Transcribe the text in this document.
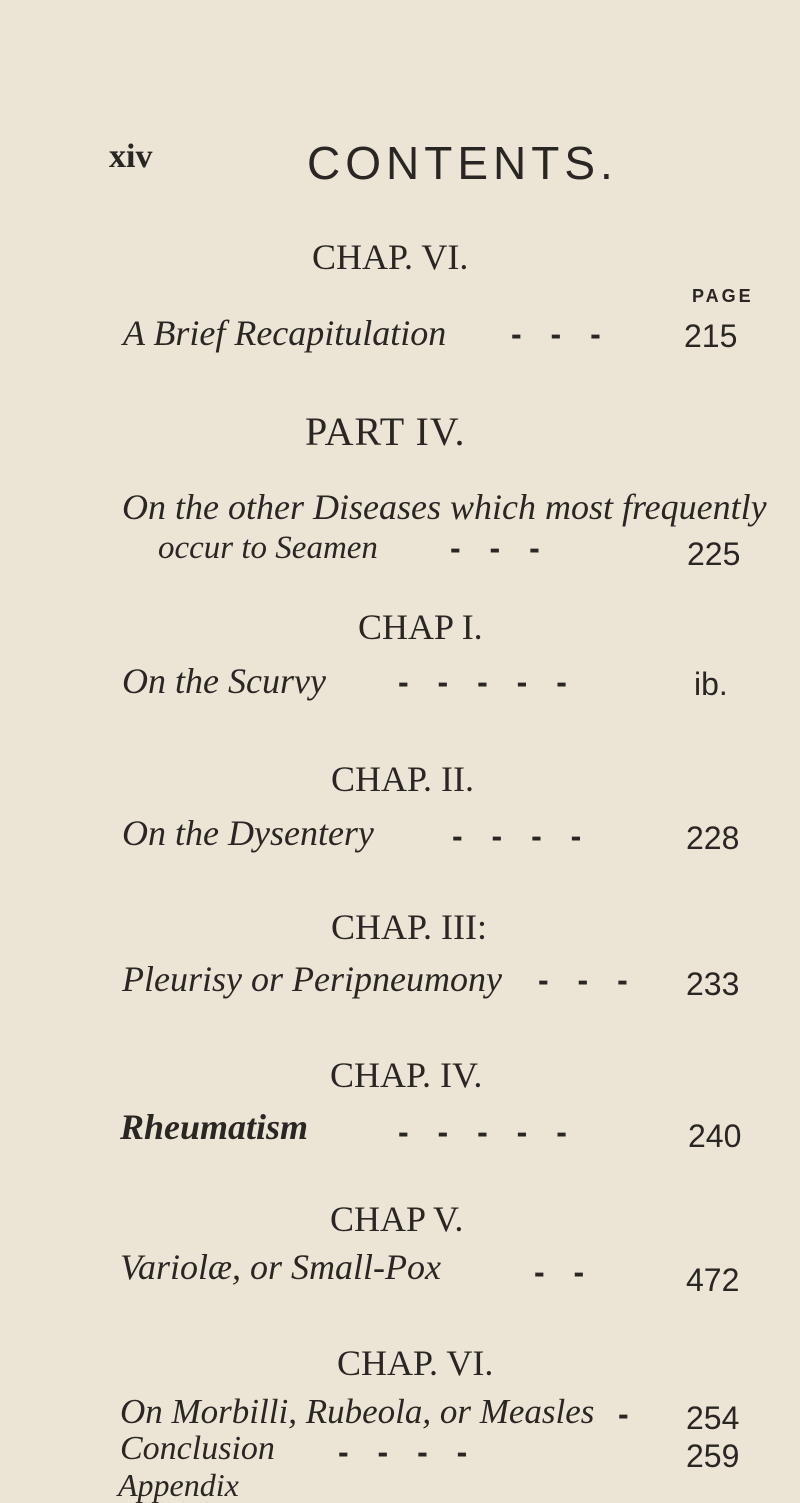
xiv	CONTENTS.
CHAP. VI.
PAGE
A Brief Recapitulation - - - 215
PART IV.
On the other Diseases which most frequently
occur to Seamen - - -	225
CHAP I.
On the Scurvy - - - - -	ib.
CHAP. II.
On the Dysentery - - - -	228
CHAP. III:
Pleurisy or Peripneumony - - - 233
CHAP. IV.
Rheumatism	- - - - -	240
CHAP V.
Variolæ, or Small-Pox	- -	472
CHAP. VI.
On Morbilli, Rubeola, or Measles - 254
Conclusion - - - -	259
Appendix
